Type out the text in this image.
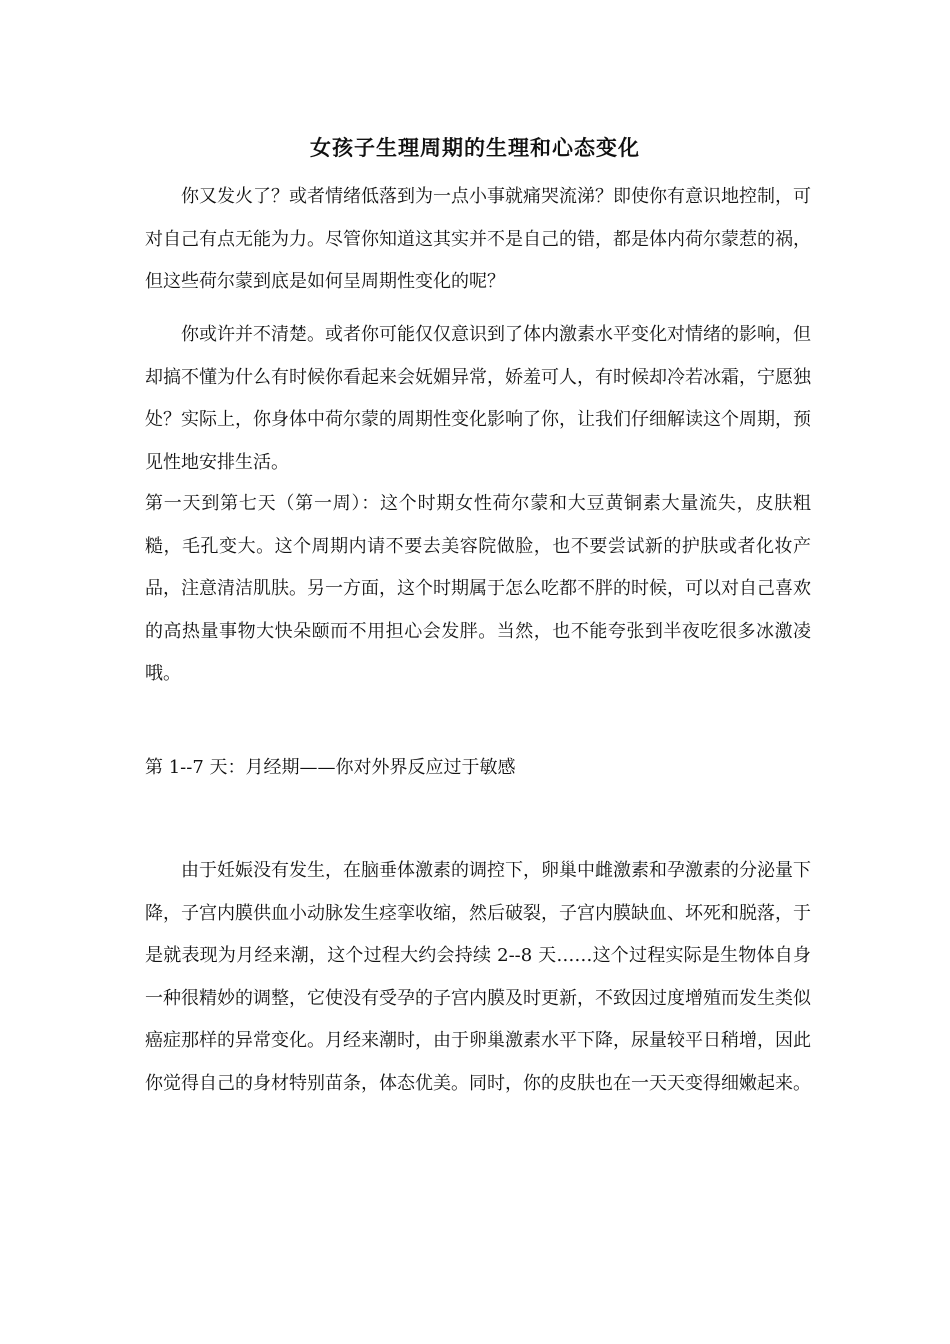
女孩子生理周期的生理和心态变化

你又发火了？或者情绪低落到为一点小事就痛哭流涕？即使你有意识地控制，可对自己有点无能为力。尽管你知道这其实并不是自己的错，都是体内荷尔蒙惹的祸，但这些荷尔蒙到底是如何呈周期性变化的呢？

你或许并不清楚。或者你可能仅仅意识到了体内激素水平变化对情绪的影响，但却搞不懂为什么有时候你看起来会妩媚异常，娇羞可人，有时候却冷若冰霜，宁愿独处？实际上，你身体中荷尔蒙的周期性变化影响了你，让我们仔细解读这个周期，预见性地安排生活。

第一天到第七天（第一周）：这个时期女性荷尔蒙和大豆黄铜素大量流失，皮肤粗糙，毛孔变大。这个周期内请不要去美容院做脸，也不要尝试新的护肤或者化妆产品，注意清洁肌肤。另一方面，这个时期属于怎么吃都不胖的时候，可以对自己喜欢的高热量事物大快朵颐而不用担心会发胖。当然，也不能夸张到半夜吃很多冰激凌哦。

第 1--7 天：月经期——你对外界反应过于敏感

由于妊娠没有发生，在脑垂体激素的调控下，卵巢中雌激素和孕激素的分泌量下降，子宫内膜供血小动脉发生痉挛收缩，然后破裂，子宫内膜缺血、坏死和脱落，于是就表现为月经来潮，这个过程大约会持续 2--8 天……这个过程实际是生物体自身一种很精妙的调整，它使没有受孕的子宫内膜及时更新，不致因过度增殖而发生类似癌症那样的异常变化。月经来潮时，由于卵巢激素水平下降，尿量较平日稍增，因此你觉得自己的身材特别苗条，体态优美。同时，你的皮肤也在一天天变得细嫩起来。
